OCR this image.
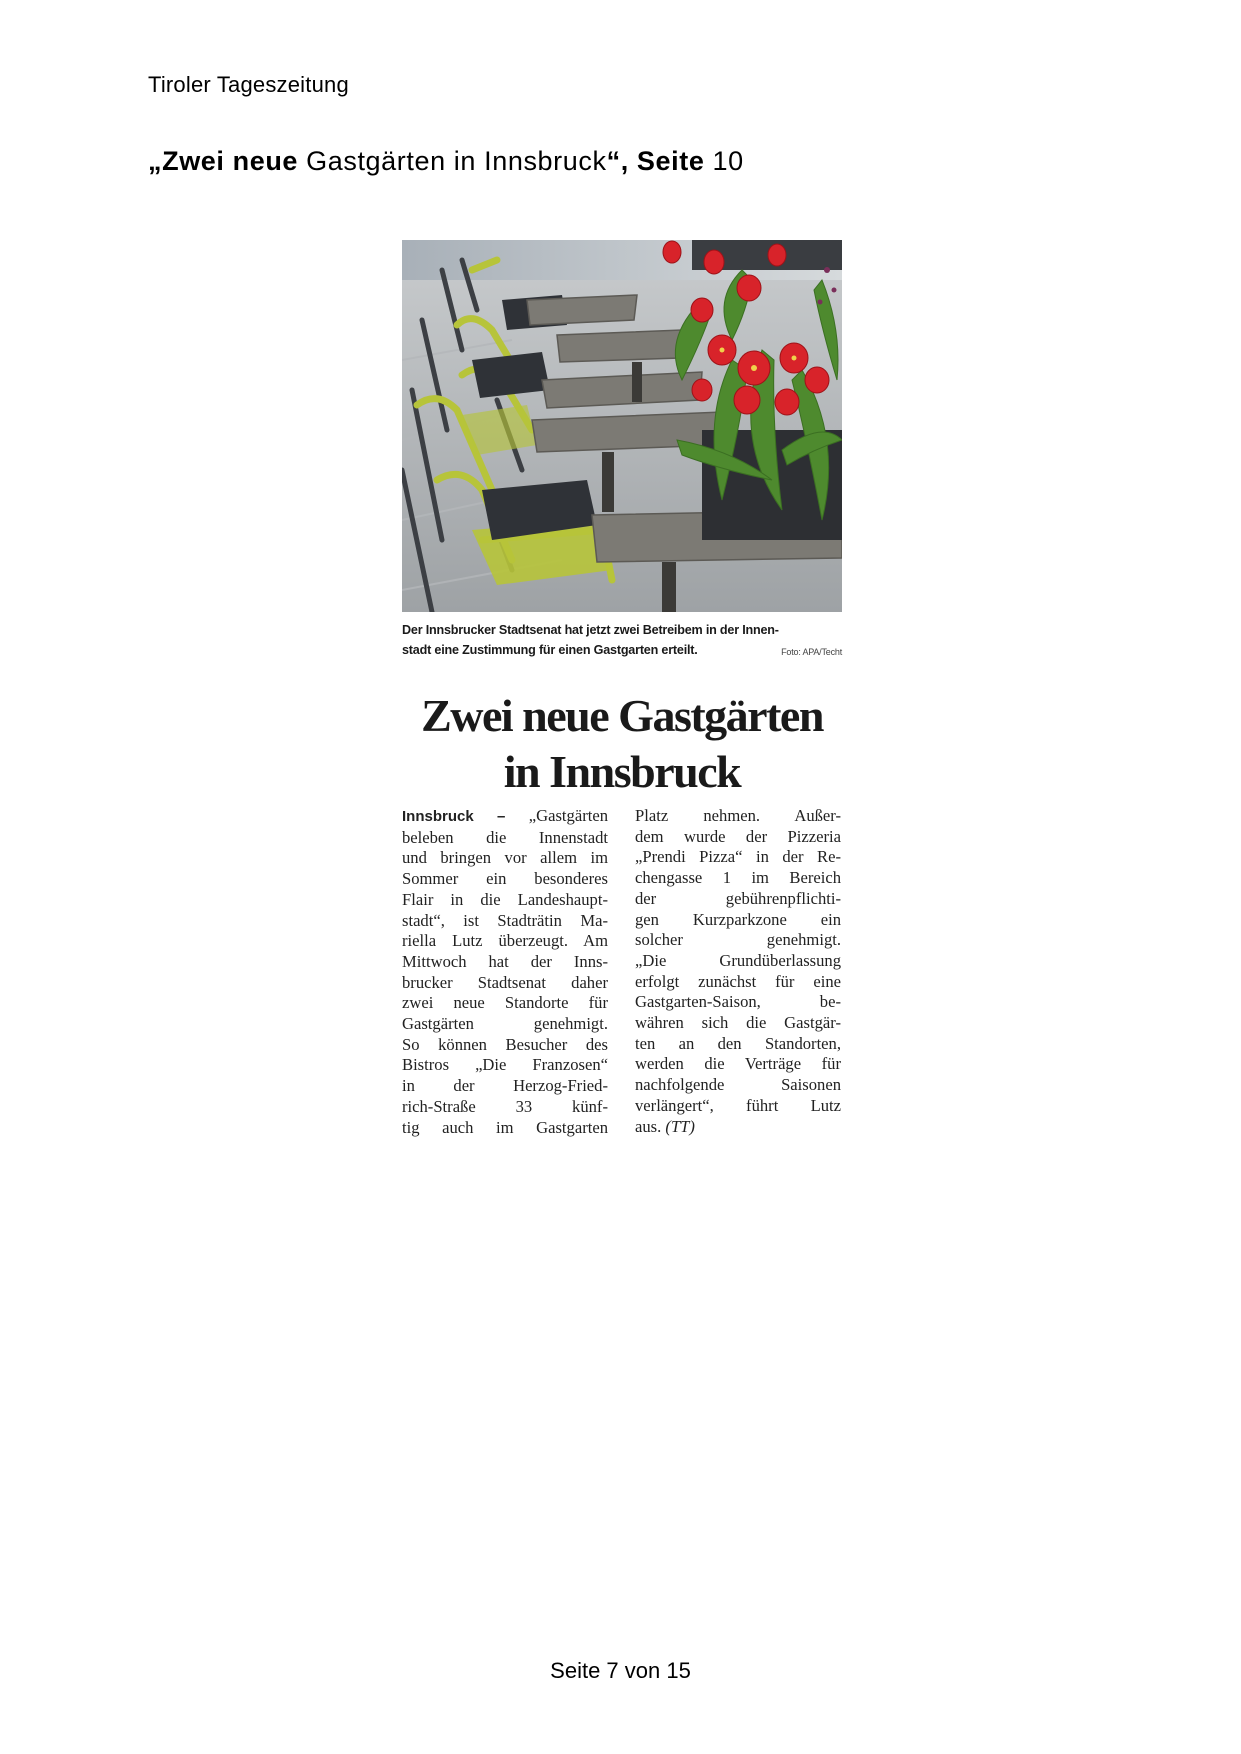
Tiroler Tageszeitung
„Zwei neue Gastgärten in Innsbruck“, Seite 10
Der Innsbrucker Stadtsenat hat jetzt zwei Betreibem in der Innen-
stadt eine Zustimmung für einen Gastgarten erteilt.	Foto: APA/Techt
Zwei neue Gastgärten
in Innsbruck
Innsbruck – „Gastgärten
beleben die Innenstadt
und bringen vor allem im
Sommer ein besonderes
Flair in die Landeshaupt-
stadt“, ist Stadträtin Ma-
riella Lutz überzeugt. Am
Mittwoch hat der Inns-
brucker Stadtsenat daher
zwei neue Standorte für
Gastgärten genehmigt.
So können Besucher des
Bistros „Die Franzosen“
in der Herzog-Fried-
rich-Straße 33 künf-
tig auch im Gastgarten
Platz nehmen. Außer-
dem wurde der Pizzeria
„Prendi Pizza“ in der Re-
chengasse 1 im Bereich
der gebührenpflichti-
gen Kurzparkzone ein
solcher genehmigt.
„Die Grundüberlassung
erfolgt zunächst für eine
Gastgarten-Saison, be-
währen sich die Gastgär-
ten an den Standorten,
werden die Verträge für
nachfolgende Saisonen
verlängert“, führt Lutz
aus. (TT)
Seite 7 von 15
